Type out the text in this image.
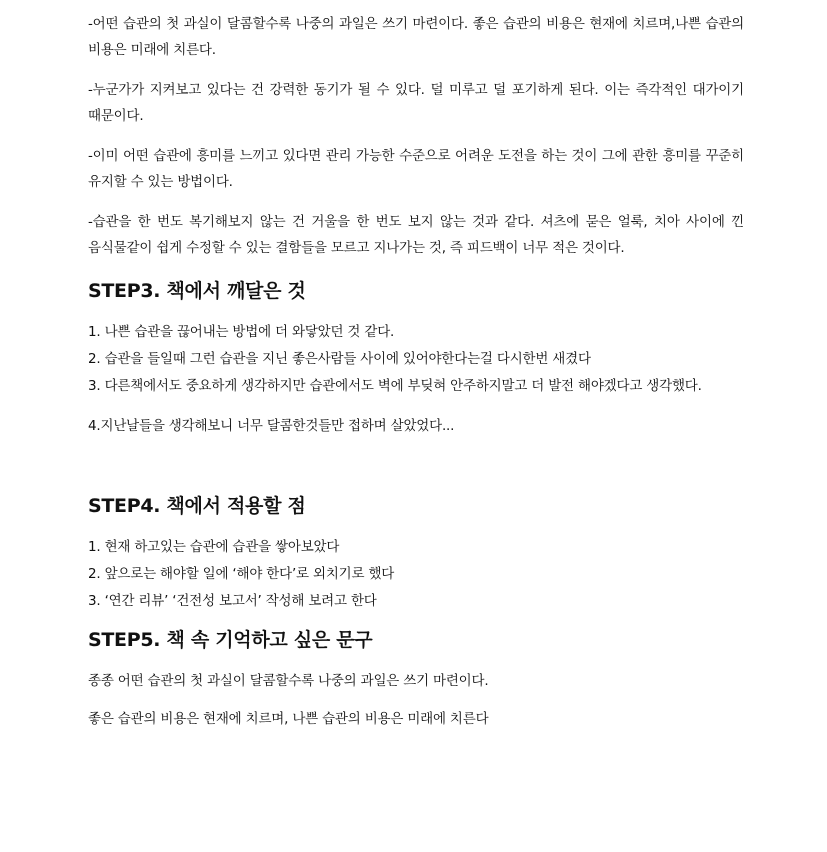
-어떤 습관의 첫 과실이 달콤할수록 나중의 과일은 쓰기 마련이다. 좋은 습관의 비용은 현재에 치르며,나쁜 습관의 비용은 미래에 치른다.

-누군가가 지켜보고 있다는 건 강력한 동기가 될 수 있다. 덜 미루고 덜 포기하게 된다. 이는 즉각적인 대가이기 때문이다.

-이미 어떤 습관에 흥미를 느끼고 있다면 관리 가능한 수준으로 어려운 도전을 하는 것이 그에 관한 흥미를 꾸준히 유지할 수 있는 방법이다.

-습관을 한 번도 복기해보지 않는 건 거울을 한 번도 보지 않는 것과 같다. 셔츠에 묻은 얼룩, 치아 사이에 낀 음식물같이 쉽게 수정할 수 있는 결함들을 모르고 지나가는 것, 즉 피드백이 너무 적은 것이다.

STEP3. 책에서 깨달은 것

1. 나쁜 습관을 끊어내는 방법에 더 와닿았던 것 같다.

2. 습관을 들일때 그런 습관을 지닌 좋은사람들 사이에 있어야한다는걸 다시한번 새겼다

3. 다른책에서도 중요하게 생각하지만 습관에서도 벽에 부딪혀 안주하지말고 더 발전 해야겠다고 생각했다.

4.지난날들을 생각해보니 너무 달콤한것들만 접하며 살았었다...

STEP4. 책에서 적용할 점

1. 현재 하고있는 습관에 습관을 쌓아보았다

2. 앞으로는 해야할 일에 ‘해야 한다’로 외치기로 했다

3. ‘연간 리뷰’ ‘건전성 보고서’ 작성해 보려고 한다

STEP5. 책 속 기억하고 싶은 문구

종종 어떤 습관의 첫 과실이 달콤할수록 나중의 과일은 쓰기 마련이다.

좋은 습관의 비용은 현재에 치르며, 나쁜 습관의 비용은 미래에 치른다
